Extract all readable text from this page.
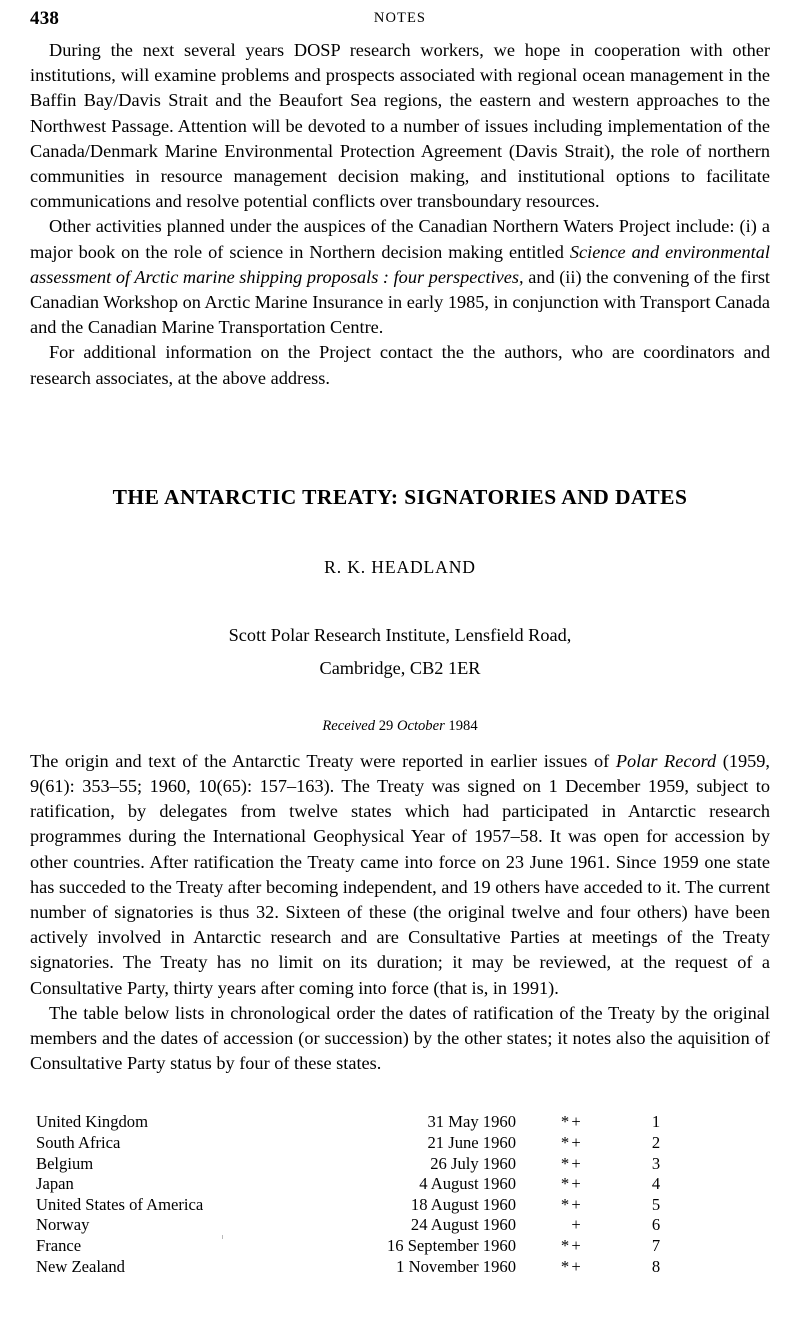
438	NOTES

During the next several years DOSP research workers, we hope in cooperation with other institutions, will examine problems and prospects associated with regional ocean management in the Baffin Bay/Davis Strait and the Beaufort Sea regions, the eastern and western approaches to the Northwest Passage. Attention will be devoted to a number of issues including implementation of the Canada/Denmark Marine Environmental Protection Agreement (Davis Strait), the role of northern communities in resource management decision making, and institutional options to facilitate communications and resolve potential conflicts over transboundary resources.

Other activities planned under the auspices of the Canadian Northern Waters Project include: (i) a major book on the role of science in Northern decision making entitled Science and environmental assessment of Arctic marine shipping proposals : four perspectives, and (ii) the convening of the first Canadian Workshop on Arctic Marine Insurance in early 1985, in conjunction with Transport Canada and the Canadian Marine Transportation Centre.

For additional information on the Project contact the the authors, who are coordinators and research associates, at the above address.

THE ANTARCTIC TREATY: SIGNATORIES AND DATES

R. K. HEADLAND

Scott Polar Research Institute, Lensfield Road,
Cambridge, CB2 1ER

Received 29 October 1984

The origin and text of the Antarctic Treaty were reported in earlier issues of Polar Record (1959, 9(61): 353–55; 1960, 10(65): 157–163). The Treaty was signed on 1 December 1959, subject to ratification, by delegates from twelve states which had participated in Antarctic research programmes during the International Geophysical Year of 1957–58. It was open for accession by other countries. After ratification the Treaty came into force on 23 June 1961. Since 1959 one state has succeded to the Treaty after becoming independent, and 19 others have acceded to it. The current number of signatories is thus 32. Sixteen of these (the original twelve and four others) have been actively involved in Antarctic research and are Consultative Parties at meetings of the Treaty signatories. The Treaty has no limit on its duration; it may be reviewed, at the request of a Consultative Party, thirty years after coming into force (that is, in 1991).

The table below lists in chronological order the dates of ratification of the Treaty by the original members and the dates of accession (or succession) by the other states; it notes also the aquisition of Consultative Party status by four of these states.

United Kingdom	31 May 1960	*+	1
South Africa	21 June 1960	*+	2
Belgium	26 July 1960	*+	3
Japan	4 August 1960	*+	4
United States of America	18 August 1960	*+	5
Norway	24 August 1960	+	6
France	16 September 1960	*+	7
New Zealand	1 November 1960	*+	8
